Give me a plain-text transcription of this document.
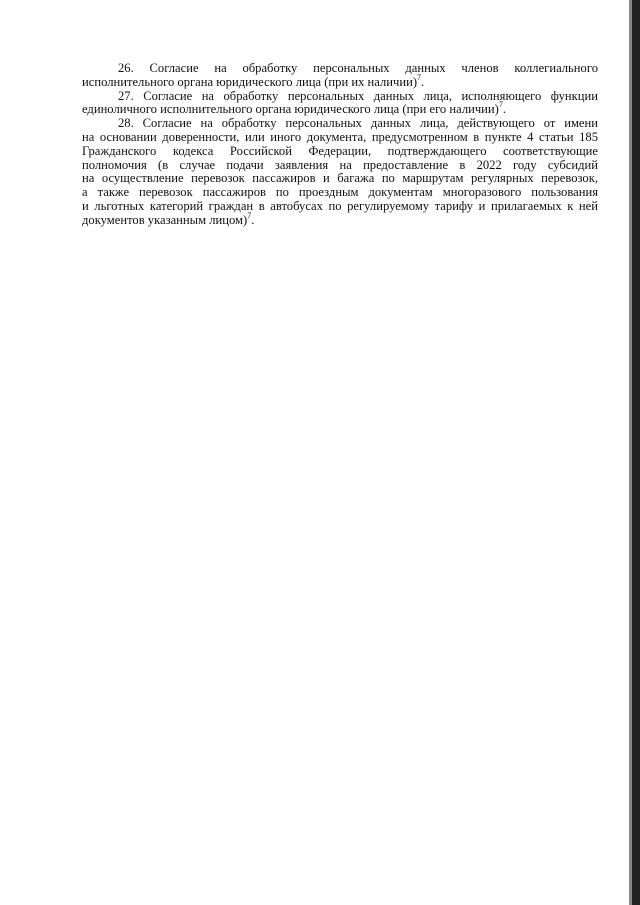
26. Согласие на обработку персональных данных членов коллегиального
исполнительного органа юридического лица (при их наличии)$^7$.
27. Согласие на обработку персональных данных лица, исполняющего функции
единоличного исполнительного органа юридического лица (при его наличии)$^7$.
28. Согласие на обработку персональных данных лица, действующего от имени
на основании доверенности, или иного документа, предусмотренном в пункте 4 статьи 185
Гражданского кодекса Российской Федерации, подтверждающего соответствующие
полномочия (в случае подачи заявления на предоставление в 2022 году субсидий
на осуществление перевозок пассажиров и багажа по маршрутам регулярных перевозок,
а также перевозок пассажиров по проездным документам многоразового пользования
и льготных категорий граждан в автобусах по регулируемому тарифу и прилагаемых к ней
документов указанным лицом)$^7$.
